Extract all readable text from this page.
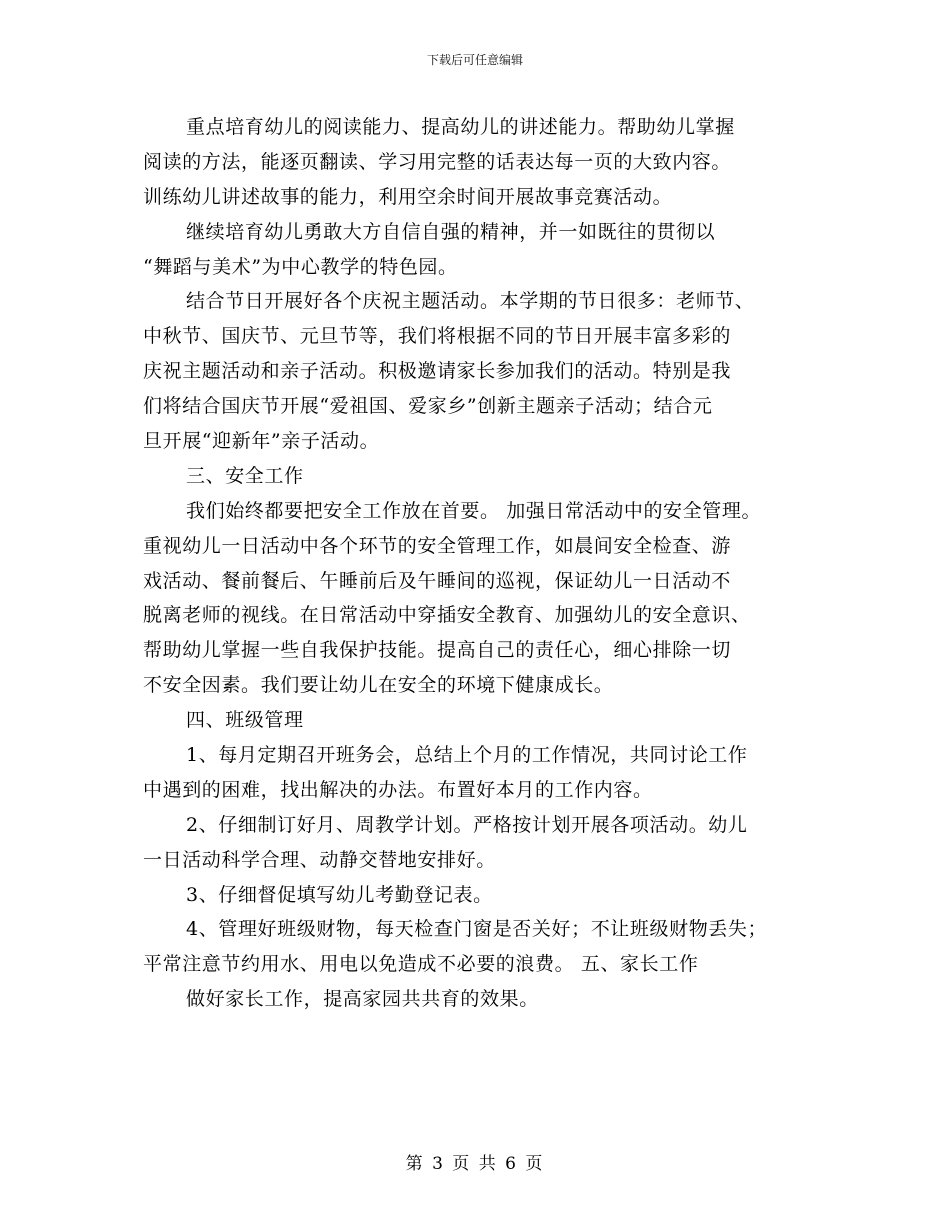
下载后可任意编辑
重点培育幼儿的阅读能力、提高幼儿的讲述能力。帮助幼儿掌握
阅读的方法，能逐页翻读、学习用完整的话表达每一页的大致内容。
训练幼儿讲述故事的能力，利用空余时间开展故事竞赛活动。
继续培育幼儿勇敢大方自信自强的精神，并一如既往的贯彻以
“舞蹈与美术”为中心教学的特色园。
结合节日开展好各个庆祝主题活动。本学期的节日很多：老师节、
中秋节、国庆节、元旦节等，我们将根据不同的节日开展丰富多彩的
庆祝主题活动和亲子活动。积极邀请家长参加我们的活动。特别是我
们将结合国庆节开展“爱祖国、爱家乡”创新主题亲子活动；结合元
旦开展“迎新年”亲子活动。
三、安全工作
我们始终都要把安全工作放在首要。 加强日常活动中的安全管理。
重视幼儿一日活动中各个环节的安全管理工作，如晨间安全检查、游
戏活动、餐前餐后、午睡前后及午睡间的巡视，保证幼儿一日活动不
脱离老师的视线。在日常活动中穿插安全教育、加强幼儿的安全意识、
帮助幼儿掌握一些自我保护技能。提高自己的责任心，细心排除一切
不安全因素。我们要让幼儿在安全的环境下健康成长。
四、班级管理
1、每月定期召开班务会，总结上个月的工作情况，共同讨论工作
中遇到的困难，找出解决的办法。布置好本月的工作内容。
2、仔细制订好月、周教学计划。严格按计划开展各项活动。幼儿
一日活动科学合理、动静交替地安排好。
3、仔细督促填写幼儿考勤登记表。
4、管理好班级财物，每天检查门窗是否关好；不让班级财物丢失；
平常注意节约用水、用电以免造成不必要的浪费。 五、家长工作
做好家长工作，提高家园共共育的效果。
第 3 页 共 6 页
